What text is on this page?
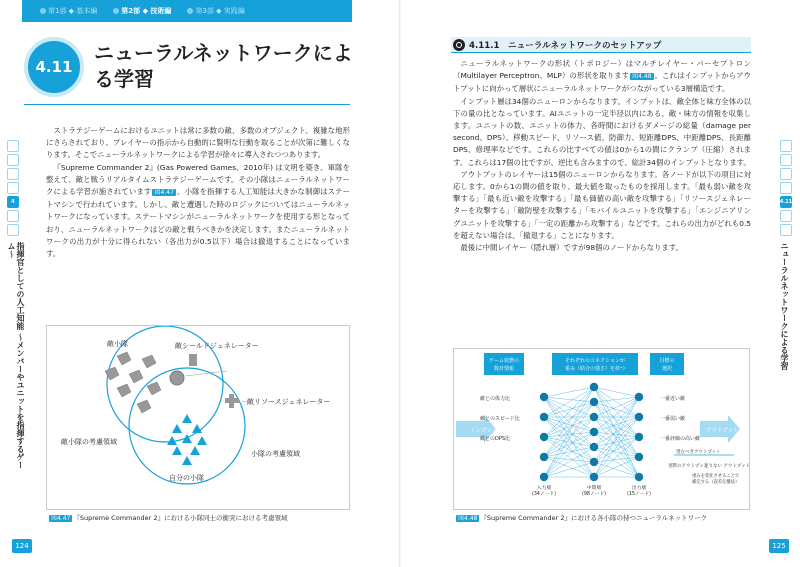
第1部 ◆ 基本編	第2部 ◆ 技術編	第3部 ◆ 実践編
4.11
ニューラルネットワークによ
る学習
4
指揮官としての人工知能 ～メンバーやユニットを指揮するゲーム～

ストラテジーゲームにおけるユニットは常に多数の敵、多数のオブジェクト、複雑な地形にさらされており、プレイヤーの指示から自動的に賢明な行動を取ることが次第に難しくなります。そこでニューラルネットワークによる学習が徐々に導入されつつあります。

『Supreme Commander 2』(Gas Powered Games、2010年) は文明を築き、軍隊を整えて、敵と戦うリアルタイムストラテジーゲームです。その小隊はニューラルネットワークによる学習が施されています 図4.47 。小隊を指揮する人工知能は大きかな制御はステートマシンで行われています。しかし、敵と遭遇した時のロジックについてはニューラルネットワークになっています。ステートマシンがニューラルネットワークを使用する形となっており、ニューラルネットワークはどの敵と戦うべきかを決定します。またニューラルネットワークの出力が十分に得られない（各出力が0.5以下）場合は撤退することになっています。

敵小隊	敵シールドジェネレーター
敵リソースジェネレーター
敵小隊の考慮領域
小隊の考慮領域
自分の小隊
図4.47 『Supreme Commander 2』における小隊同士の衝突における考慮領域
124
4.11.1　ニューラルネットワークのセットアップ

ニューラルネットワークの形状（トポロジー）はマルチレイヤー・パーセプトロン（Multilayer Perceptron、MLP）の形状を取ります 図4.48 。これはインプットからアウトプットに向かって層状にニューラルネットワークがつながっている3層構造です。

インプット層は34個のニューロンからなります。インプットは、敵全体と味方全体の以下の量の比となっています。AIユニットの一定半径以内にある、敵・味方の情報を収集します。ユニットの数、ユニットの体力、各時間におけるダメージの総量（damage per second、DPS）、移動スピード、リソース値、防御力、短距離DPS、中距離DPS、長距離DPS、修理率などです。これらの比すべての値は0から1の間にクランプ（圧縮）されます。これらは17個の比ですが、逆比も含みますので、総計34個のインプットとなります。

アウトプットのレイヤーは15個のニューロンからなります。各ノードが以下の項目に対応します。0から1の間の値を取り、最大値を取ったものを採用します。「最も弱い敵を攻撃する」「最も近い敵を攻撃する」「最も価値の高い敵を攻撃する」「リソースジェネレーターを攻撃する」「敵防壁を攻撃する」「モバイルユニットを攻撃する」「エンジニアリングユニットを攻撃する」「一定の距離から攻撃する」などです。これらの出力がどれも0.5を超えない場合は、「撤退する」ことになります。

最後に中間レイヤー（隠れ層）ですが98個のノードからなります。

ゲーム状態の
数計情報
それぞれのコネクションが
重み（結合の強さ）を持つ
目標の
選択
インプット	アウトプット
敵との体力比
敵とのスピード比
敵とのDPS比
一番近い敵
一番弱い敵
一番評価の高い敵
入力層
(34ノード)
中間層
(98ノード)
出力層
(15ノード)
望むべきアウトプット
実際のアウトプット
足りない アウトプット
重みを変化させることで
補完する（誤差伝播法）
図4.48 『Supreme Commander 2』における各小隊の持つニューラルネットワーク
4.11
ニューラルネットワークによる学習
125
